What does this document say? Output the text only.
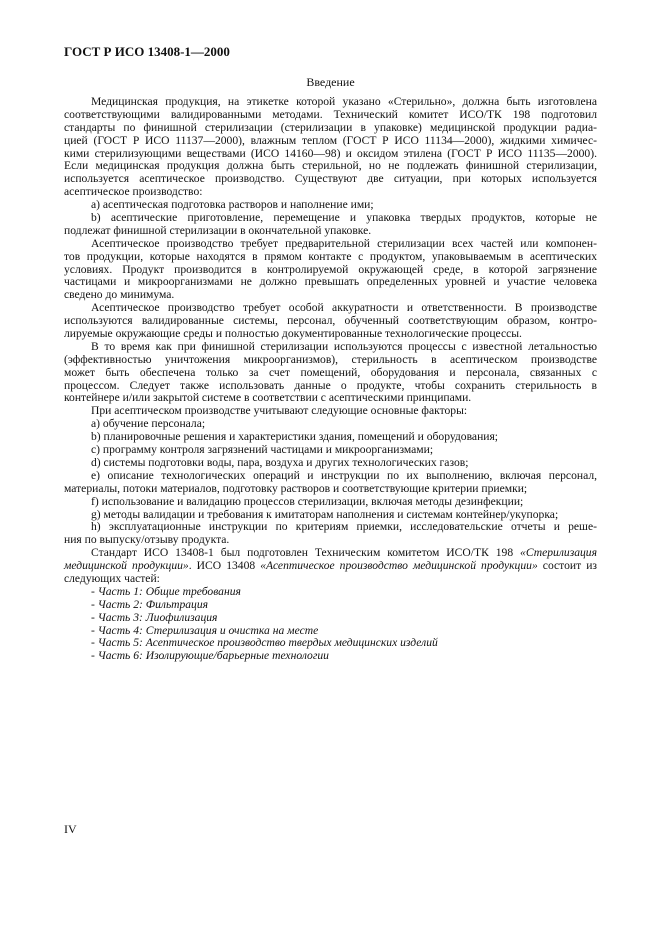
ГОСТ Р ИСО 13408-1—2000
Введение
Медицинская продукция, на этикетке которой указано «Стерильно», должна быть изготовлена
соответствующими валидированными методами. Технический комитет ИСО/ТК 198 подготовил
стандарты по финишной стерилизации (стерилизации в упаковке) медицинской продукции радиа-
цией (ГОСТ Р ИСО 11137—2000), влажным теплом (ГОСТ Р ИСО 11134—2000), жидкими химичес-
кими стерилизующими веществами (ИСО 14160—98) и оксидом этилена (ГОСТ Р ИСО 11135—2000).
Если медицинская продукция должна быть стерильной, но не подлежать финишной стерилизации,
используется асептическое производство. Существуют две ситуации, при которых используется
асептическое производство:
a) асептическая подготовка растворов и наполнение ими;
b) асептические приготовление, перемещение и упаковка твердых продуктов, которые не
подлежат финишной стерилизации в окончательной упаковке.
Асептическое производство требует предварительной стерилизации всех частей или компонен-
тов продукции, которые находятся в прямом контакте с продуктом, упаковываемым в асептических
условиях. Продукт производится в контролируемой окружающей среде, в которой загрязнение
частицами и микроорганизмами не должно превышать определенных уровней и участие человека
сведено до минимума.
Асептическое производство требует особой аккуратности и ответственности. В производстве
используются валидированные системы, персонал, обученный соответствующим образом, контро-
лируемые окружающие среды и полностью документированные технологические процессы.
В то время как при финишной стерилизации используются процессы с известной летальностью
(эффективностью уничтожения микроорганизмов), стерильность в асептическом производстве
может быть обеспечена только за счет помещений, оборудования и персонала, связанных с
процессом. Следует также использовать данные о продукте, чтобы сохранить стерильность в
контейнере и/или закрытой системе в соответствии с асептическими принципами.
При асептическом производстве учитывают следующие основные факторы:
a) обучение персонала;
b) планировочные решения и характеристики здания, помещений и оборудования;
c) программу контроля загрязнений частицами и микроорганизмами;
d) системы подготовки воды, пара, воздуха и других технологических газов;
e) описание технологических операций и инструкции по их выполнению, включая персонал,
материалы, потоки материалов, подготовку растворов и соответствующие критерии приемки;
f) использование и валидацию процессов стерилизации, включая методы дезинфекции;
g) методы валидации и требования к имитаторам наполнения и системам контейнер/укупорка;
h) эксплуатационные инструкции по критериям приемки, исследовательские отчеты и реше-
ния по выпуску/отзыву продукта.
Стандарт ИСО 13408-1 был подготовлен Техническим комитетом ИСО/ТК 198 «Стерилизация
медицинской продукции». ИСО 13408 «Асептическое производство медицинской продукции» состоит из
следующих частей:
- Часть 1: Общие требования
- Часть 2: Фильтрация
- Часть 3: Лиофилизация
- Часть 4: Стерилизация и очистка на месте
- Часть 5: Асептическое производство твердых медицинских изделий
- Часть 6: Изолирующие/барьерные технологии
IV
